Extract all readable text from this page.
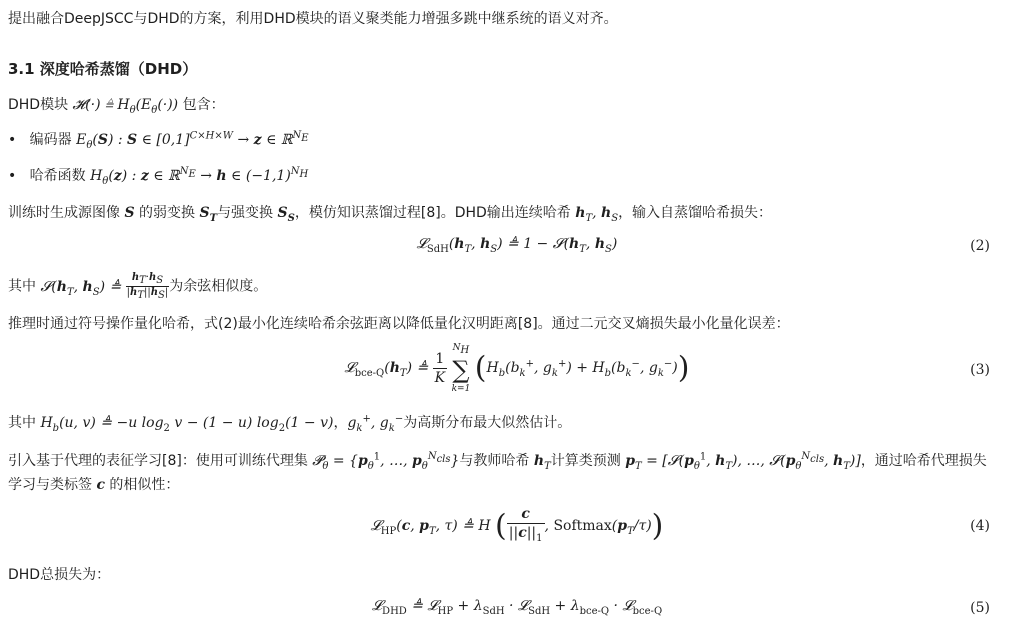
提出融合DeepJSCC与DHD的方案，利用DHD模块的语义聚类能力增强多跳中继系统的语义对齐。
3.1 深度哈希蒸馏（DHD）
DHD模块 𝓗(·) ≜ $H_\theta(E_\theta(\cdot))$ 包含：
•   编码器 $E_\theta(S)$ : S ∈ $[0,1]^{C\times H\times W} \to z$ ∈ ℝ$^{N_E}$
•   哈希函数 $H_\theta(z)$ : z ∈ ℝ$^{N_E}$ → h ∈ $(-1,1)^{N_H}$
训练时生成源图像 S 的弱变换 $S_T$与强变换 $S_S$，模仿知识蒸馏过程[8]。DHD输出连续哈希 $h_T$, $h_S$，输入自蒸馏哈希损失：
$𝓛_{SdH}(h_T$, $h_S$) ≜ $1 - 𝓢(h_T$, $h_S$)	(2)
其中 $𝓢(h_T$, $h_S$) ≜ $\frac{h_T\cdot h_S}{|h_T||h_S|}$ 为余弦相似度。
推理时通过符号操作量化哈希，式(2)最小化连续哈希余弦距离以降低量化汉明距离[8]。通过二元交叉熵损失最小化量化误差：
$𝓛_{bce-Q}(h_T)$ ≜ $\frac{1}{K}$

$N_H$
∑
k=1
($H_b(b_k^+$, $g_k^+) + H_b(b_k^-$, $g_k^-$))	(3)
其中 $H_b(u$, v) ≜ −u $\log_2 v - (1 - u) \log_2(1 - v)$，$g_k^+$, $g_k^-$为高斯分布最大似然估计。
引入基于代理的表征学习[8]：使用可训练代理集 𝓟$_\theta$ = {$p_\theta^1$, …, $p_\theta^{N_{cls}}$}与教师哈希 $h_T$计算类预测 $p_T$ = [$𝓢(p_\theta^1$, $h_T$), …, $𝓢(p_\theta^{N_{cls}}$, $h_T$)]，通过哈希代理损失
学习与类标签 c 的相似性：
𝓛$_{HP}$(c, $p_T$, τ) ≜ H ( $\frac{c}{||c||_1}$ , $Softmax(p_T/\tau)$)	(4)
DHD总损失为：
𝓛$_{DHD}$ ≜ 𝓛$_{HP}$ + $\lambda_{SdH}$ · 𝓛$_{SdH}$ + $\lambda_{bce-Q}$ · 𝓛$_{bce-Q}$	(5)
